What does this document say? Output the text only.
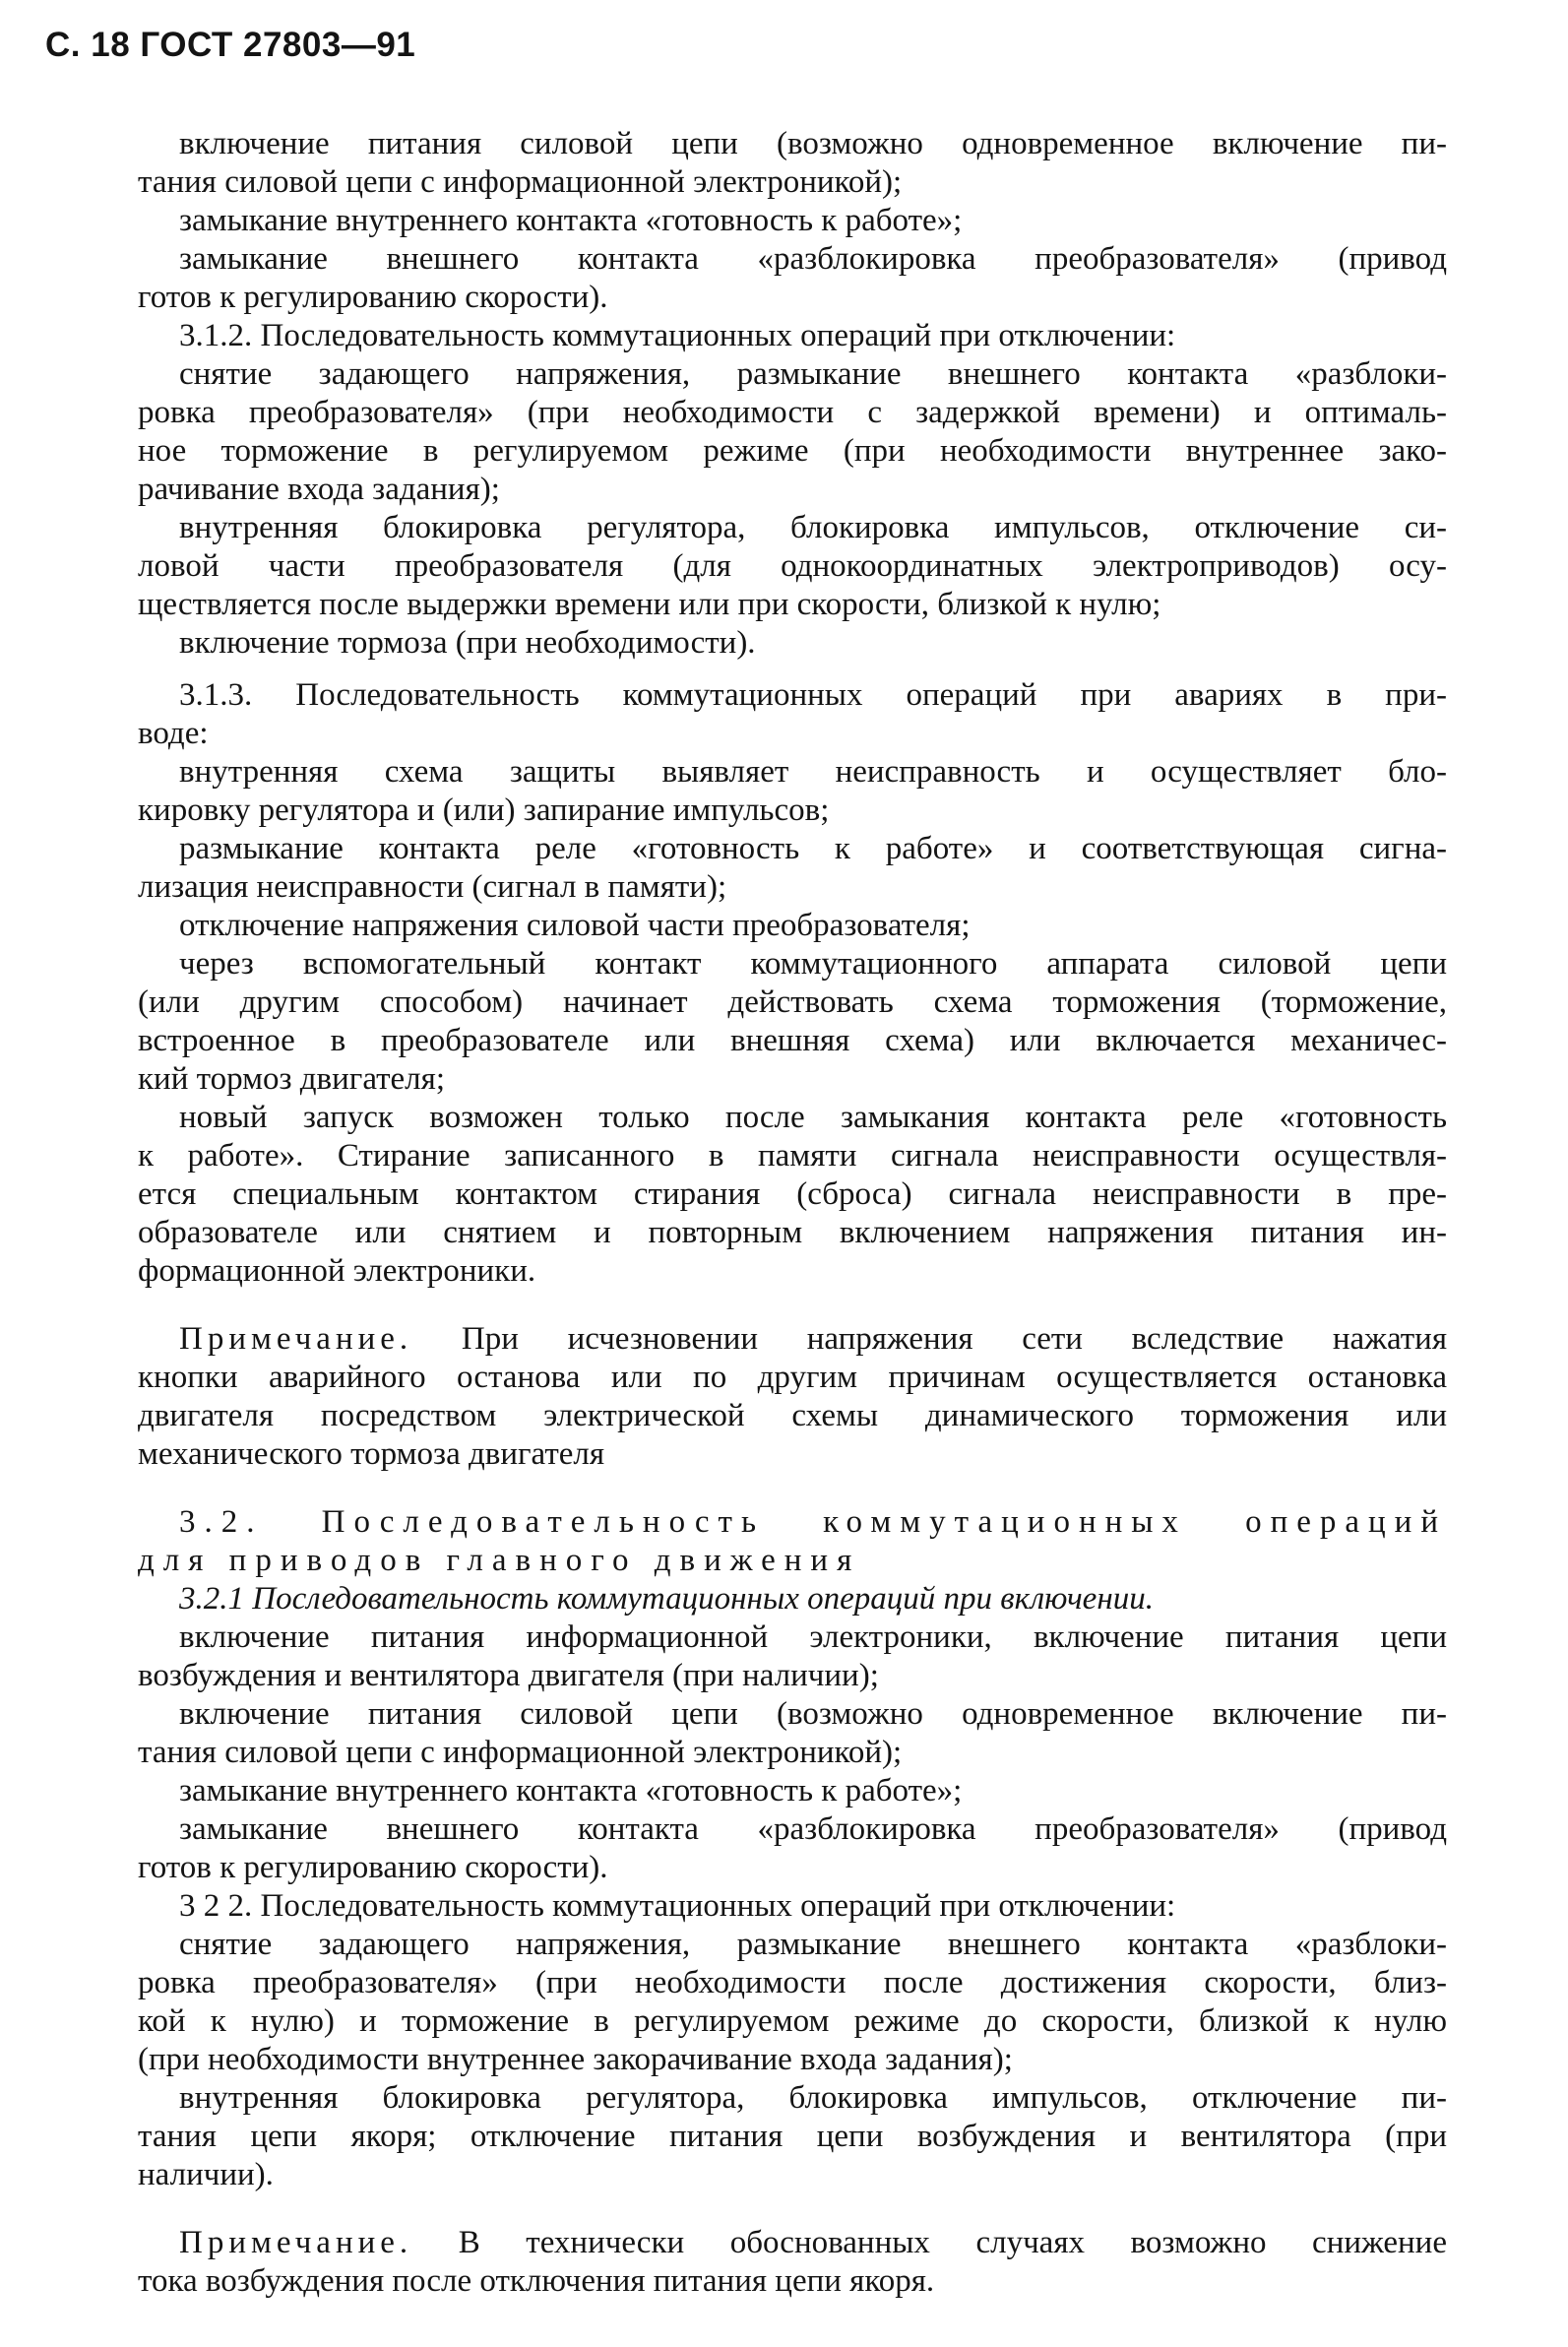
С. 18 ГОСТ 27803—91

включение питания силовой цепи (возможно одновременное включение пи-
тания силовой цепи с информационной электроникой);

замыкание внутреннего контакта «готовность к работе»;

замыкание внешнего контакта «разблокировка преобразователя» (привод
готов к регулированию скорости).

3.1.2. Последовательность коммутационных операций при отключении:

снятие задающего напряжения, размыкание внешнего контакта «разблоки-
ровка преобразователя» (при необходимости с задержкой времени) и оптималь-
ное торможение в регулируемом режиме (при необходимости внутреннее зако-
рачивание входа задания);

внутренняя блокировка регулятора, блокировка импульсов, отключение си-
ловой части преобразователя (для однокоординатных электроприводов) осу-
ществляется после выдержки времени или при скорости, близкой к нулю;

включение тормоза (при необходимости).

3.1.3. Последовательность коммутационных операций при авариях в при-
воде:

внутренняя схема защиты выявляет неисправность и осуществляет бло-
кировку регулятора и (или) запирание импульсов;

размыкание контакта реле «готовность к работе» и соответствующая сигна-
лизация неисправности (сигнал в памяти);

отключение напряжения силовой части преобразователя;

через вспомогательный контакт коммутационного аппарата силовой цепи
(или другим способом) начинает действовать схема торможения (торможение,
встроенное в преобразователе или внешняя схема) или включается механичес-
кий тормоз двигателя;

новый запуск возможен только после замыкания контакта реле «готовность
к работе». Стирание записанного в памяти сигнала неисправности осуществля-
ется специальным контактом стирания (сброса) сигнала неисправности в пре-
образователе или снятием и повторным включением напряжения питания ин-
формационной электроники.

Примечание. При исчезновении напряжения сети вследствие нажатия
кнопки аварийного останова или по другим причинам осуществляется остановка
двигателя посредством электрической схемы динамического торможения или
механического тормоза двигателя

3.2. Последовательность коммутационных операций
для приводов главного движения

3.2.1 Последовательность коммутационных операций при включении.

включение питания информационной электроники, включение питания цепи
возбуждения и вентилятора двигателя (при наличии);

включение питания силовой цепи (возможно одновременное включение пи-
тания силовой цепи с информационной электроникой);

замыкание внутреннего контакта «готовность к работе»;

замыкание внешнего контакта «разблокировка преобразователя» (привод
готов к регулированию скорости).

3 2 2. Последовательность коммутационных операций при отключении:

снятие задающего напряжения, размыкание внешнего контакта «разблоки-
ровка преобразователя» (при необходимости после достижения скорости, близ-
кой к нулю) и торможение в регулируемом режиме до скорости, близкой к нулю
(при необходимости внутреннее закорачивание входа задания);

внутренняя блокировка регулятора, блокировка импульсов, отключение пи-
тания цепи якоря; отключение питания цепи возбуждения и вентилятора (при
наличии).

Примечание. В технически обоснованных случаях возможно снижение
тока возбуждения после отключения питания цепи якоря.
